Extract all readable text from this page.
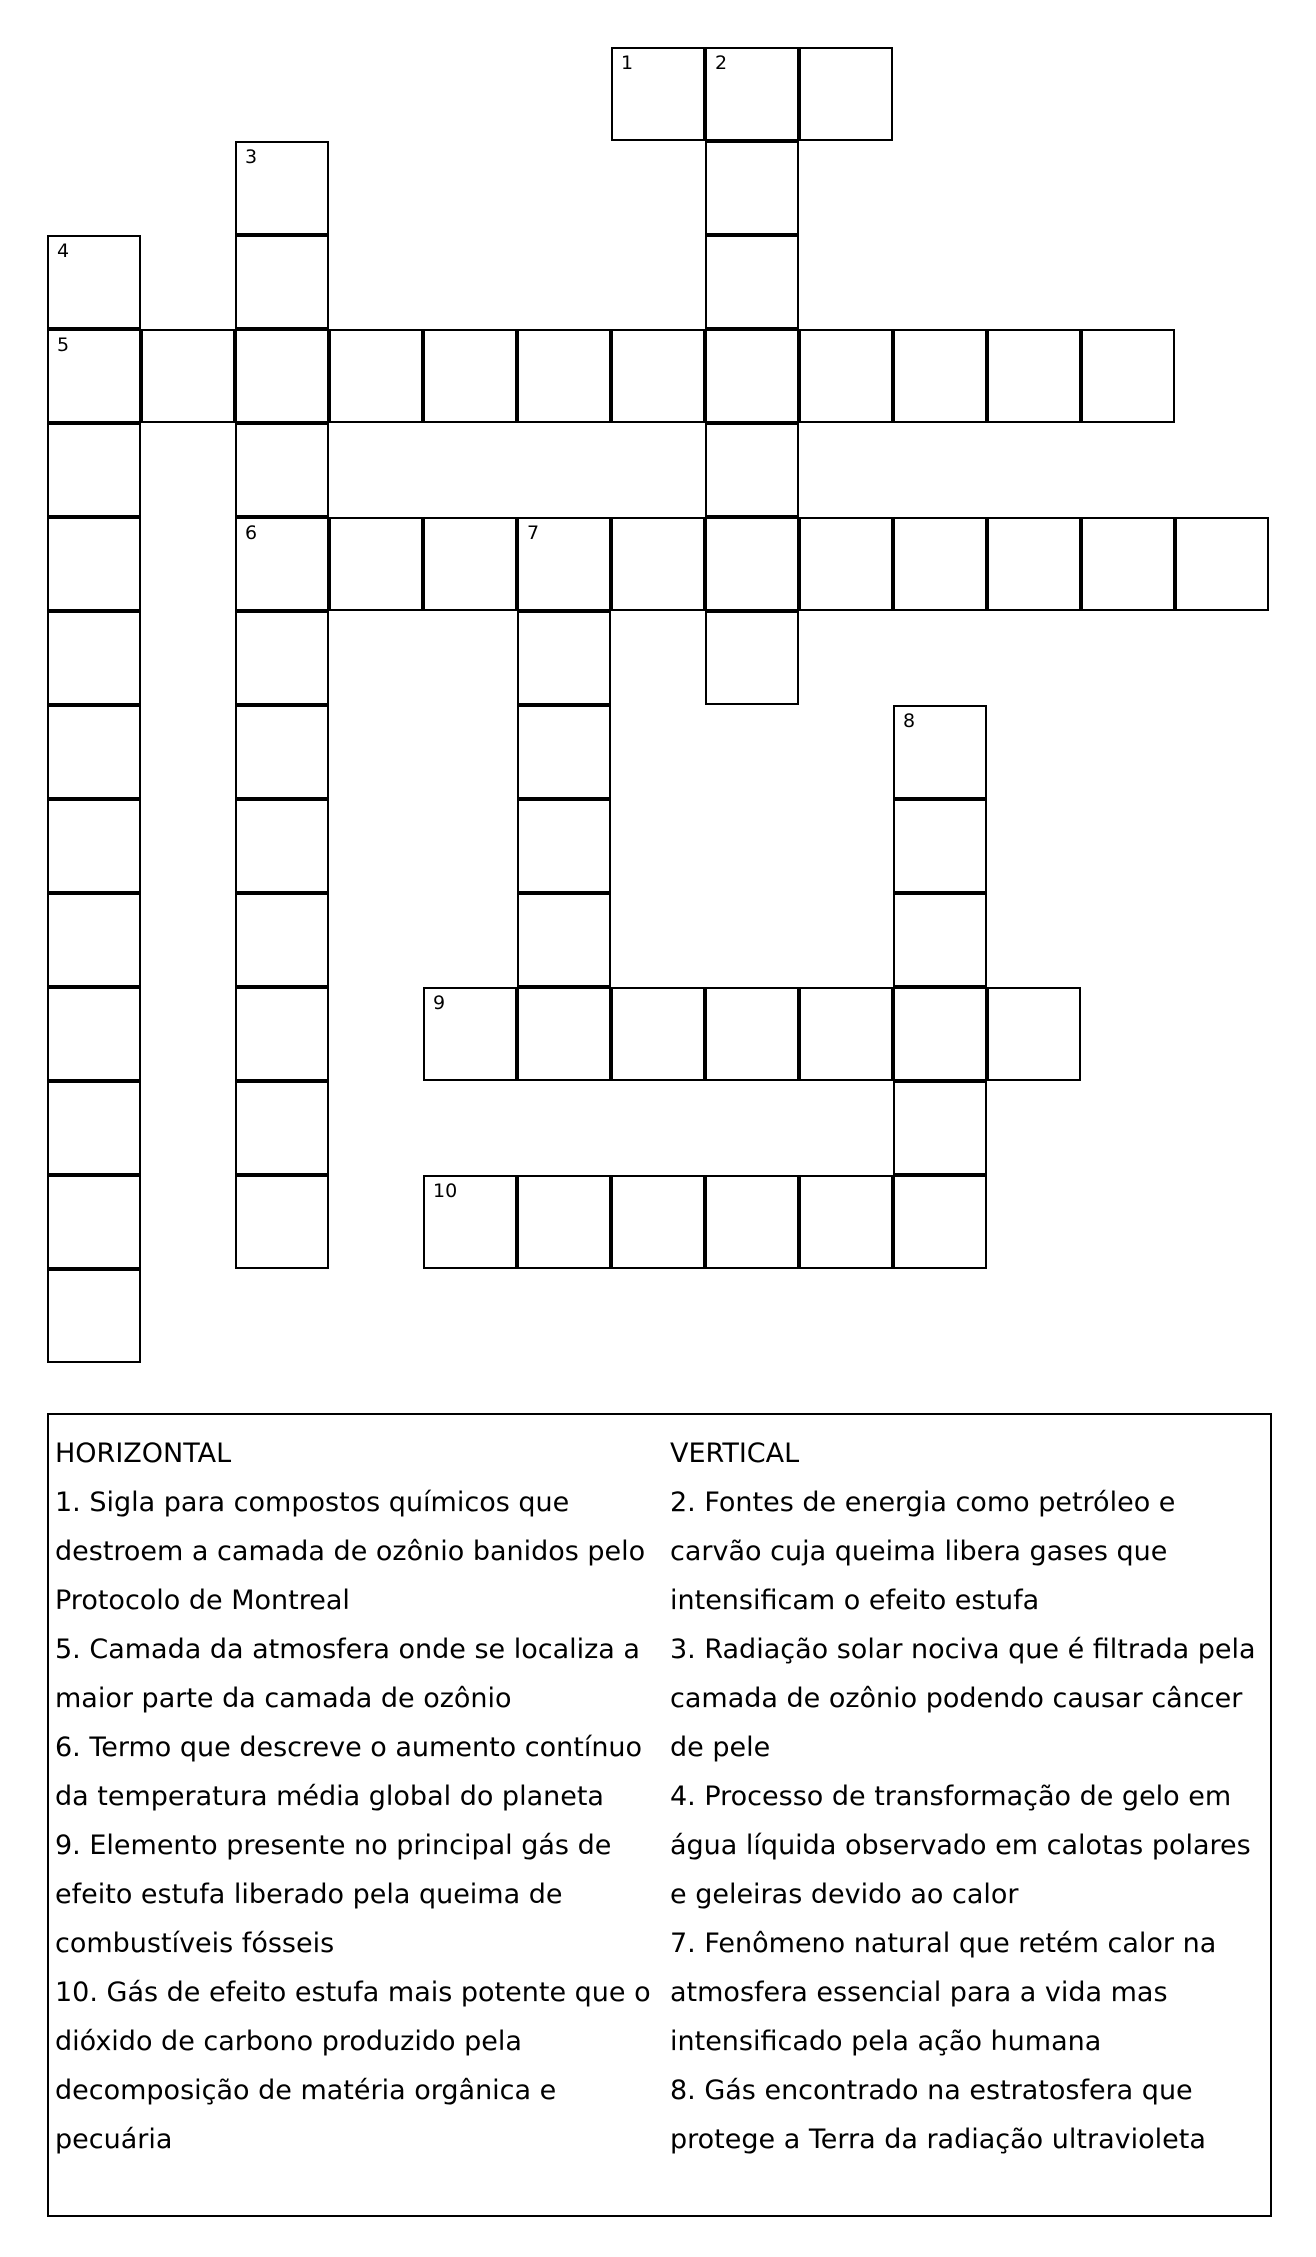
1	2
3
6
4
5
7
8
9
10
HORIZONTAL
1. Sigla para compostos químicos que destroem a camada de ozônio banidos pelo Protocolo de Montreal
5. Camada da atmosfera onde se localiza a maior parte da camada de ozônio
6. Termo que descreve o aumento contínuo da temperatura média global do planeta
9. Elemento presente no principal gás de efeito estufa liberado pela queima de combustíveis fósseis
10. Gás de efeito estufa mais potente que o dióxido de carbono produzido pela decomposição de matéria orgânica e pecuária
VERTICAL
2. Fontes de energia como petróleo e carvão cuja queima libera gases que intensificam o efeito estufa
3. Radiação solar nociva que é filtrada pela camada de ozônio podendo causar câncer de pele
4. Processo de transformação de gelo em água líquida observado em calotas polares e geleiras devido ao calor
7. Fenômeno natural que retém calor na atmosfera essencial para a vida mas intensificado pela ação humana
8. Gás encontrado na estratosfera que protege a Terra da radiação ultravioleta
